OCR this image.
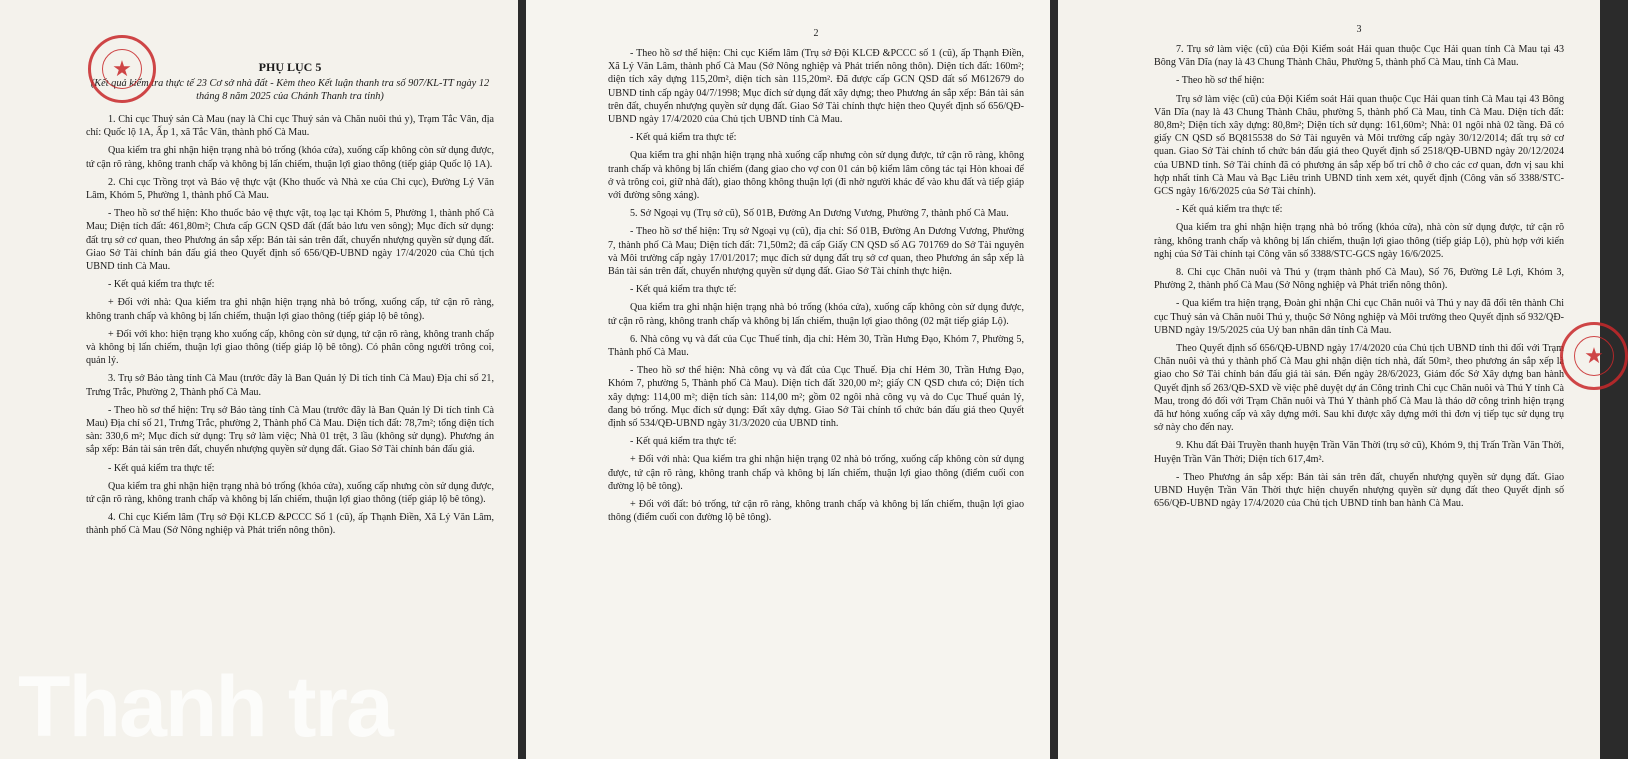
★	PHỤ LỤC 5
(Kết quả kiểm tra thực tế 23 Cơ sở nhà đất - Kèm theo Kết luận thanh tra số 907/KL-TT ngày 12 tháng 8 năm 2025 của Chánh Thanh tra tỉnh)

1. Chi cục Thuỷ sản Cà Mau (nay là Chi cục Thuỷ sản và Chăn nuôi thú y), Trạm Tắc Vân, địa chỉ: Quốc lộ 1A, Ấp 1, xã Tắc Vân, thành phố Cà Mau.

Qua kiểm tra ghi nhận hiện trạng nhà bỏ trống (khóa cửa), xuống cấp không còn sử dụng được, tứ cận rõ ràng, không tranh chấp và không bị lấn chiếm, thuận lợi giao thông (tiếp giáp Quốc lộ 1A).

2. Chi cục Trồng trọt và Bảo vệ thực vật (Kho thuốc và Nhà xe của Chi cục), Đường Lý Văn Lâm, Khóm 5, Phường 1, thành phố Cà Mau.

- Theo hồ sơ thể hiện: Kho thuốc bảo vệ thực vật, toạ lạc tại Khóm 5, Phường 1, thành phố Cà Mau; Diện tích đất: 461,80m²; Chưa cấp GCN QSD đất (đất bảo lưu ven sông); Mục đích sử dụng: đất trụ sở cơ quan, theo Phương án sắp xếp: Bán tài sản trên đất, chuyển nhượng quyền sử dụng đất. Giao Sở Tài chính bán đấu giá theo Quyết định số 656/QĐ-UBND ngày 17/4/2020 của Chủ tịch UBND tỉnh Cà Mau.

- Kết quả kiểm tra thực tế:

+ Đối với nhà: Qua kiểm tra ghi nhận hiện trạng nhà bỏ trống, xuống cấp, tứ cận rõ ràng, không tranh chấp và không bị lấn chiếm, thuận lợi giao thông (tiếp giáp lộ bê tông).

+ Đối với kho: hiện trạng kho xuống cấp, không còn sử dụng, tứ cận rõ ràng, không tranh chấp và không bị lấn chiếm, thuận lợi giao thông (tiếp giáp lộ bê tông). Có phân công người trông coi, quản lý.

3. Trụ sở Bảo tàng tỉnh Cà Mau (trước đây là Ban Quản lý Di tích tỉnh Cà Mau) Địa chỉ số 21, Trưng Trắc, Phường 2, Thành phố Cà Mau.

- Theo hồ sơ thể hiện: Trụ sở Bảo tàng tỉnh Cà Mau (trước đây là Ban Quản lý Di tích tỉnh Cà Mau) Địa chỉ số 21, Trưng Trắc, phường 2, Thành phố Cà Mau. Diện tích đất: 78,7m²; tổng diện tích sàn: 330,6 m²; Mục đích sử dụng: Trụ sở làm việc; Nhà 01 trệt, 3 lầu (không sử dụng). Phương án sắp xếp: Bán tài sản trên đất, chuyển nhượng quyền sử dụng đất. Giao Sở Tài chính bán đấu giá.

- Kết quả kiểm tra thực tế:

Qua kiểm tra ghi nhận hiện trạng nhà bỏ trống (khóa cửa), xuống cấp nhưng còn sử dụng được, tứ cận rõ ràng, không tranh chấp và không bị lấn chiếm, thuận lợi giao thông (tiếp giáp lộ bê tông).

4. Chi cục Kiểm lâm (Trụ sở Đội KLCĐ &PCCC Số 1 (cũ), ấp Thạnh Điền, Xã Lý Văn Lâm, thành phố Cà Mau (Sở Nông nghiệp và Phát triển nông thôn).

2

- Theo hồ sơ thể hiện: Chi cục Kiểm lâm (Trụ sở Đội KLCĐ &PCCC số 1 (cũ), ấp Thạnh Điền, Xã Lý Văn Lâm, thành phố Cà Mau (Sở Nông nghiệp và Phát triển nông thôn). Diện tích đất: 160m²; diện tích xây dựng 115,20m², diện tích sàn 115,20m². Đã được cấp GCN QSD đất số M612679 do UBND tỉnh cấp ngày 04/7/1998; Mục đích sử dụng đất xây dựng; theo Phương án sắp xếp: Bán tài sản trên đất, chuyển nhượng quyền sử dụng đất. Giao Sở Tài chính thực hiện theo Quyết định số 656/QĐ-UBND ngày 17/4/2020 của Chủ tịch UBND tỉnh Cà Mau.

- Kết quả kiểm tra thực tế:

Qua kiểm tra ghi nhận hiện trạng nhà xuống cấp nhưng còn sử dụng được, tứ cận rõ ràng, không tranh chấp và không bị lấn chiếm (đang giao cho vợ con 01 cán bộ kiểm lâm công tác tại Hòn khoai để ở và trông coi, giữ nhà đất), giao thông không thuận lợi (đi nhờ người khác để vào khu đất và tiếp giáp với đường sông xáng).

5. Sở Ngoại vụ (Trụ sở cũ), Số 01B, Đường An Dương Vương, Phường 7, thành phố Cà Mau.

- Theo hồ sơ thể hiện: Trụ sở Ngoại vụ (cũ), địa chỉ: Số 01B, Đường An Dương Vương, Phường 7, thành phố Cà Mau; Diện tích đất: 71,50m2; đã cấp Giấy CN QSD số AG 701769 do Sở Tài nguyên và Môi trường cấp ngày 17/01/2017; mục đích sử dụng đất trụ sở cơ quan, theo Phương án sắp xếp là Bán tài sản trên đất, chuyển nhượng quyền sử dụng đất. Giao Sở Tài chính thực hiện.

- Kết quả kiểm tra thực tế:

Qua kiểm tra ghi nhận hiện trạng nhà bỏ trống (khóa cửa), xuống cấp không còn sử dụng được, tứ cận rõ ràng, không tranh chấp và không bị lấn chiếm, thuận lợi giao thông (02 mặt tiếp giáp Lộ).

6. Nhà công vụ và đất của Cục Thuế tỉnh, địa chỉ: Hẻm 30, Trần Hưng Đạo, Khóm 7, Phường 5, Thành phố Cà Mau.

- Theo hồ sơ thể hiện: Nhà công vụ và đất của Cục Thuế. Địa chỉ Hẻm 30, Trần Hưng Đạo, Khóm 7, phường 5, Thành phố Cà Mau). Diện tích đất 320,00 m²; giấy CN QSD chưa có; Diện tích xây dựng: 114,00 m²; diện tích sàn: 114,00 m²; gồm 02 ngôi nhà công vụ và do Cục Thuế quản lý, đang bỏ trống. Mục đích sử dụng: Đất xây dựng. Giao Sở Tài chính tổ chức bán đấu giá theo Quyết định số 534/QĐ-UBND ngày 31/3/2020 của UBND tỉnh.

- Kết quả kiểm tra thực tế:

+ Đối với nhà: Qua kiểm tra ghi nhận hiện trạng 02 nhà bỏ trống, xuống cấp không còn sử dụng được, tứ cận rõ ràng, không tranh chấp và không bị lấn chiếm, thuận lợi giao thông (điểm cuối con đường lộ bê tông).

+ Đối với đất: bỏ trống, tứ cận rõ ràng, không tranh chấp và không bị lấn chiếm, thuận lợi giao thông (điểm cuối con đường lộ bê tông).

3

7. Trụ sở làm việc (cũ) của Đội Kiểm soát Hải quan thuộc Cục Hải quan tỉnh Cà Mau tại 43 Bông Văn Dĩa (nay là 43 Chung Thành Châu, Phường 5, thành phố Cà Mau, tỉnh Cà Mau.

- Theo hồ sơ thể hiện:

Trụ sở làm việc (cũ) của Đội Kiểm soát Hải quan thuộc Cục Hải quan tỉnh Cà Mau tại 43 Bông Văn Dĩa (nay là 43 Chung Thành Châu, phường 5, thành phố Cà Mau, tỉnh Cà Mau. Diện tích đất: 80,8m²; Diện tích xây dựng: 80,8m²; Diện tích sử dụng: 161,60m²; Nhà: 01 ngôi nhà 02 tầng. Đã có giấy CN QSD số BQ815538 do Sở Tài nguyên và Môi trường cấp ngày 30/12/2014; đất trụ sở cơ quan. Giao Sở Tài chính tổ chức bán đấu giá theo Quyết định số 2518/QĐ-UBND ngày 20/12/2024 của UBND tỉnh. Sở Tài chính đã có phương án sắp xếp bố trí chỗ ở cho các cơ quan, đơn vị sau khi hợp nhất tỉnh Cà Mau và Bạc Liêu trình UBND tỉnh xem xét, quyết định (Công văn số 3388/STC-GCS ngày 16/6/2025 của Sở Tài chính).

- Kết quả kiểm tra thực tế:

Qua kiểm tra ghi nhận hiện trạng nhà bỏ trống (khóa cửa), nhà còn sử dụng được, tứ cận rõ ràng, không tranh chấp và không bị lấn chiếm, thuận lợi giao thông (tiếp giáp Lộ), phù hợp với kiến nghị của Sở Tài chính tại Công văn số 3388/STC-GCS ngày 16/6/2025.

8. Chi cục Chăn nuôi và Thú y (trạm thành phố Cà Mau), Số 76, Đường Lê Lợi, Khóm 3, Phường 2, thành phố Cà Mau (Sở Nông nghiệp và Phát triển nông thôn).

- Qua kiểm tra hiện trạng, Đoàn ghi nhận Chi cục Chăn nuôi và Thú y nay đã đổi tên thành Chi cục Thuỷ sản và Chăn nuôi Thú y, thuộc Sở Nông nghiệp và Môi trường theo Quyết định số 932/QĐ-UBND ngày 19/5/2025 của Uỷ ban nhân dân tỉnh Cà Mau.

Theo Quyết định số 656/QĐ-UBND ngày 17/4/2020 của Chủ tịch UBND tỉnh thì đối với Trạm Chăn nuôi và thú y thành phố Cà Mau ghi nhận diện tích nhà, đất 50m², theo phương án sắp xếp là giao cho Sở Tài chính bán đấu giá tài sản. Đến ngày 28/6/2023, Giám đốc Sở Xây dựng ban hành Quyết định số 263/QĐ-SXD về việc phê duyệt dự án Công trình Chi cục Chăn nuôi và Thú Y tỉnh Cà Mau, trong đó đối với Trạm Chăn nuôi và Thú Y thành phố Cà Mau là tháo dỡ công trình hiện trạng đã hư hỏng xuống cấp và xây dựng mới. Sau khi được xây dựng mới thì đơn vị tiếp tục sử dụng trụ sở này cho đến nay.

9. Khu đất Đài Truyền thanh huyện Trần Văn Thời (trụ sở cũ), Khóm 9, thị Trấn Trần Văn Thời, Huyện Trần Văn Thời; Diện tích 617,4m².

- Theo Phương án sắp xếp: Bán tài sản trên đất, chuyển nhượng quyền sử dụng đất. Giao UBND Huyện Trần Văn Thời thực hiện chuyển nhượng quyền sử dụng đất theo Quyết định số 656/QĐ-UBND ngày 17/4/2020 của Chủ tịch UBND tỉnh ban hành Cà Mau.

★
Thanh tra
